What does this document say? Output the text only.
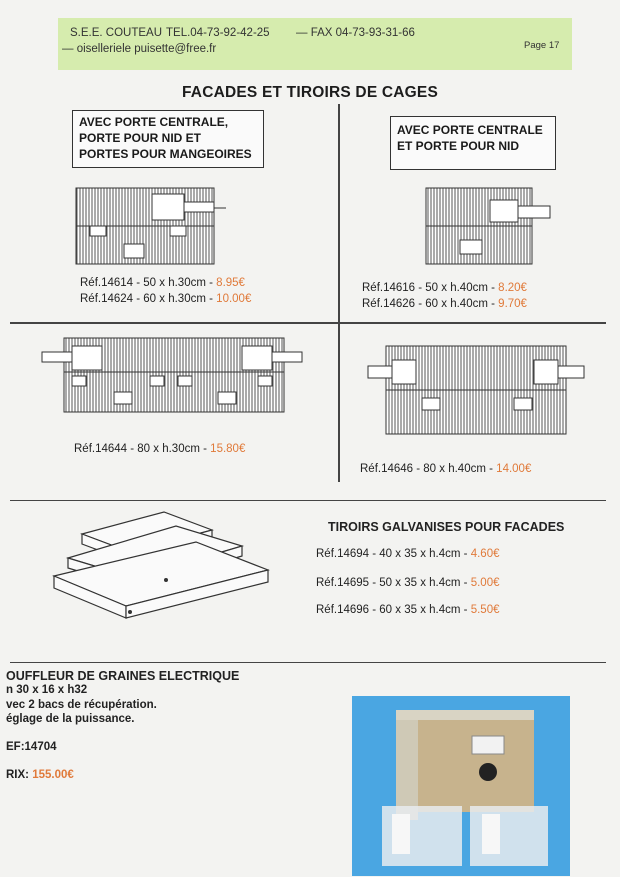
S.E.E. COUTEAU TEL.04-73-92-42-25 — FAX 04-73-93-31-66
— oiselleriele puisette@free.fr	Page 17
FACADES ET TIROIRS DE CAGES
AVEC PORTE CENTRALE,
PORTE POUR NID ET
PORTES POUR MANGEOIRES
Réf.14614 - 50 x h.30cm - 8.95€
Réf.14624 - 60 x h.30cm - 10.00€
AVEC PORTE CENTRALE
ET PORTE POUR NID
Réf.14616 - 50 x h.40cm - 8.20€
Réf.14626 - 60 x h.40cm - 9.70€
Réf.14644 - 80 x h.30cm - 15.80€
Réf.14646 - 80 x h.40cm - 14.00€
TIROIRS GALVANISES POUR FACADES
Réf.14694 - 40 x 35 x h.4cm - 4.60€
Réf.14695 - 50 x 35 x h.4cm - 5.00€
Réf.14696 - 60 x 35 x h.4cm - 5.50€
OUFFLEUR DE GRAINES ELECTRIQUE
n 30 x 16 x h32
vec 2 bacs de récupération.
églage de la puissance.
EF:14704
RIX: 155.00€
